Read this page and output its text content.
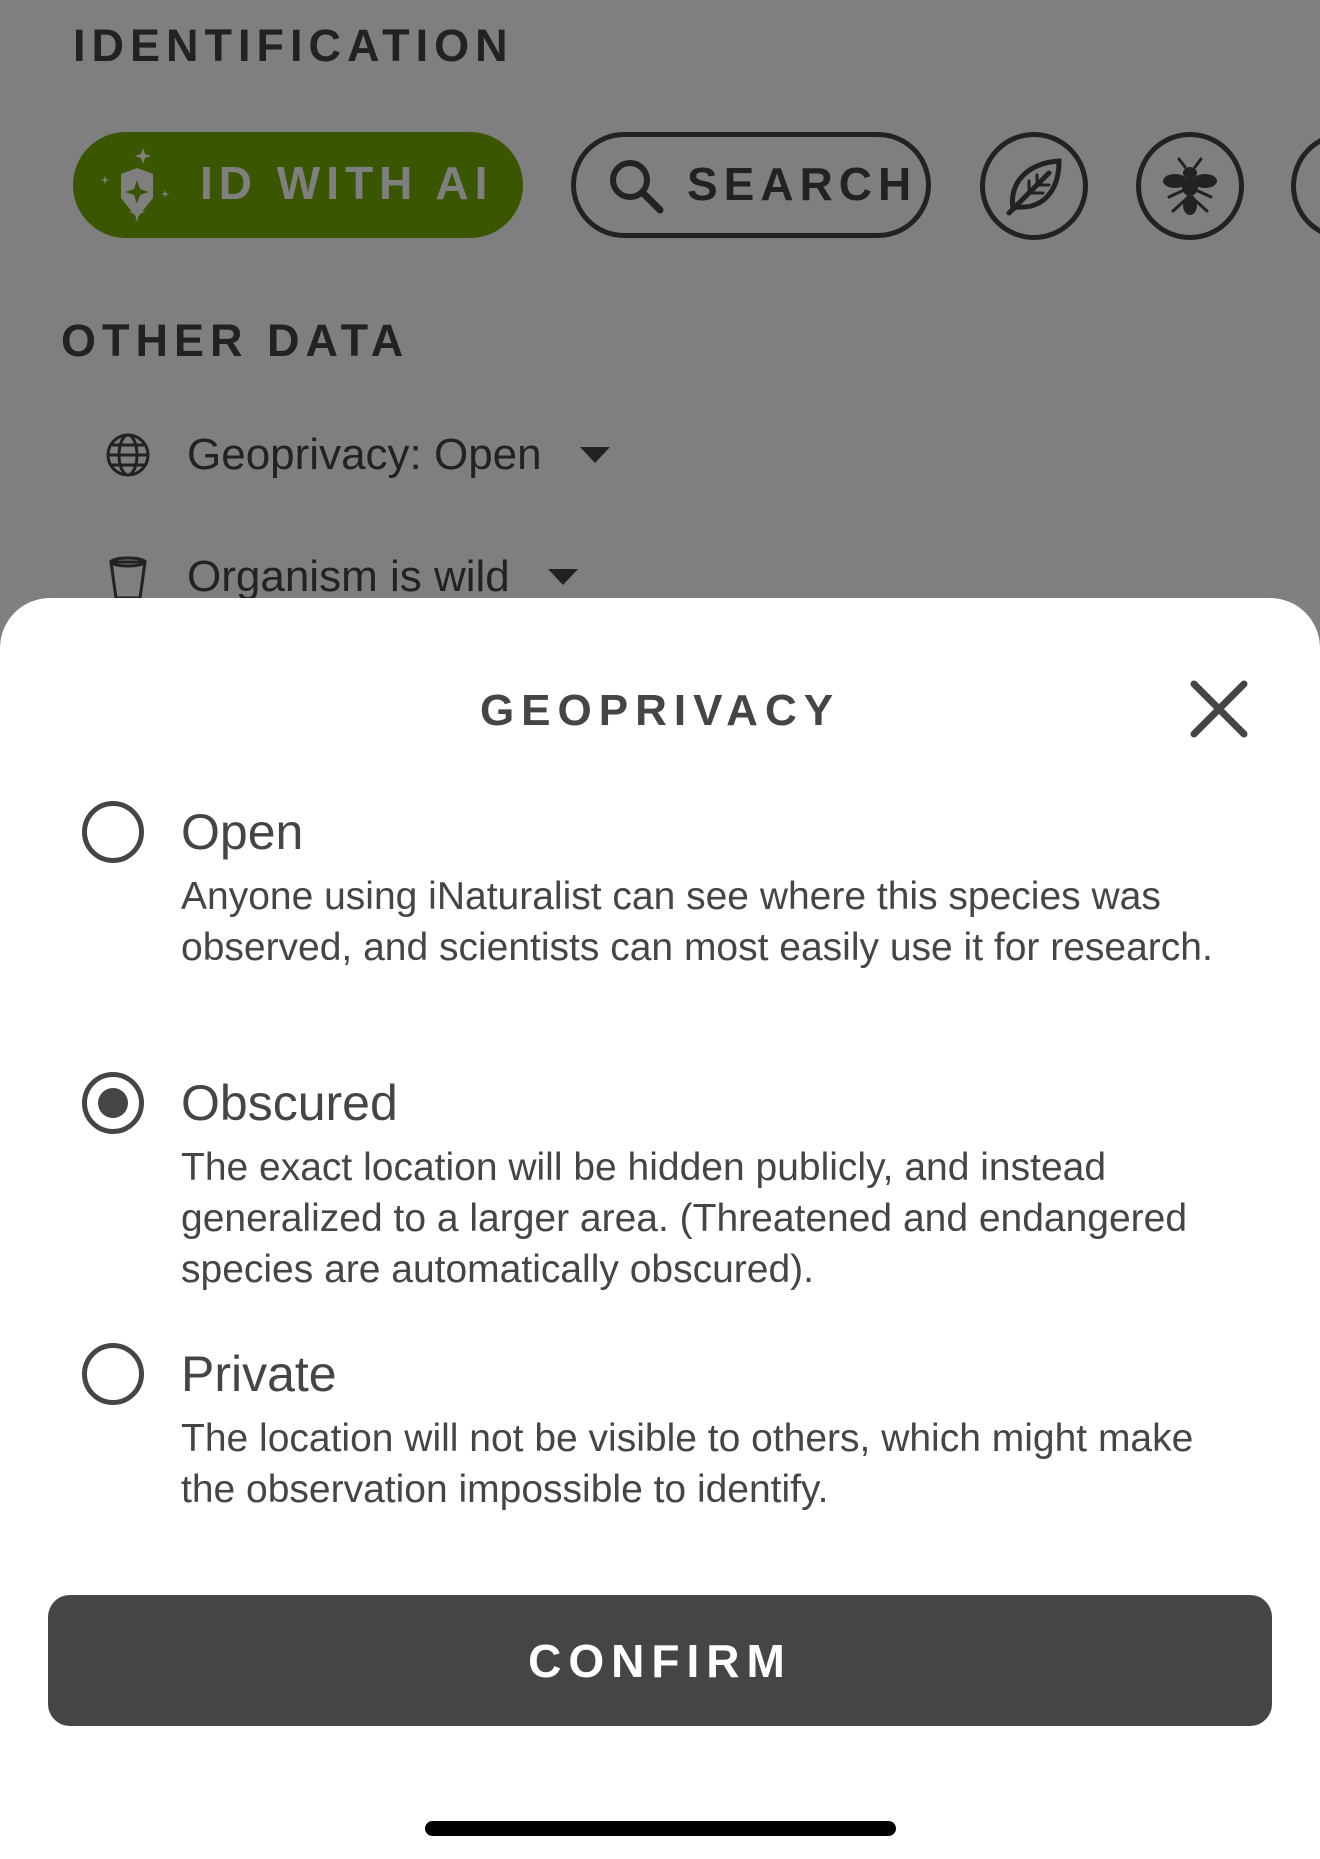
GEOPRIVACY
Open
Anyone using iNaturalist can see where this species was observed, and scientists can most easily use it for research.
Obscured
The exact location will be hidden publicly, and instead generalized to a larger area. (Threatened and endangered species are automatically obscured).
Private
The location will not be visible to others, which might make the observation impossible to identify.
CONFIRM
